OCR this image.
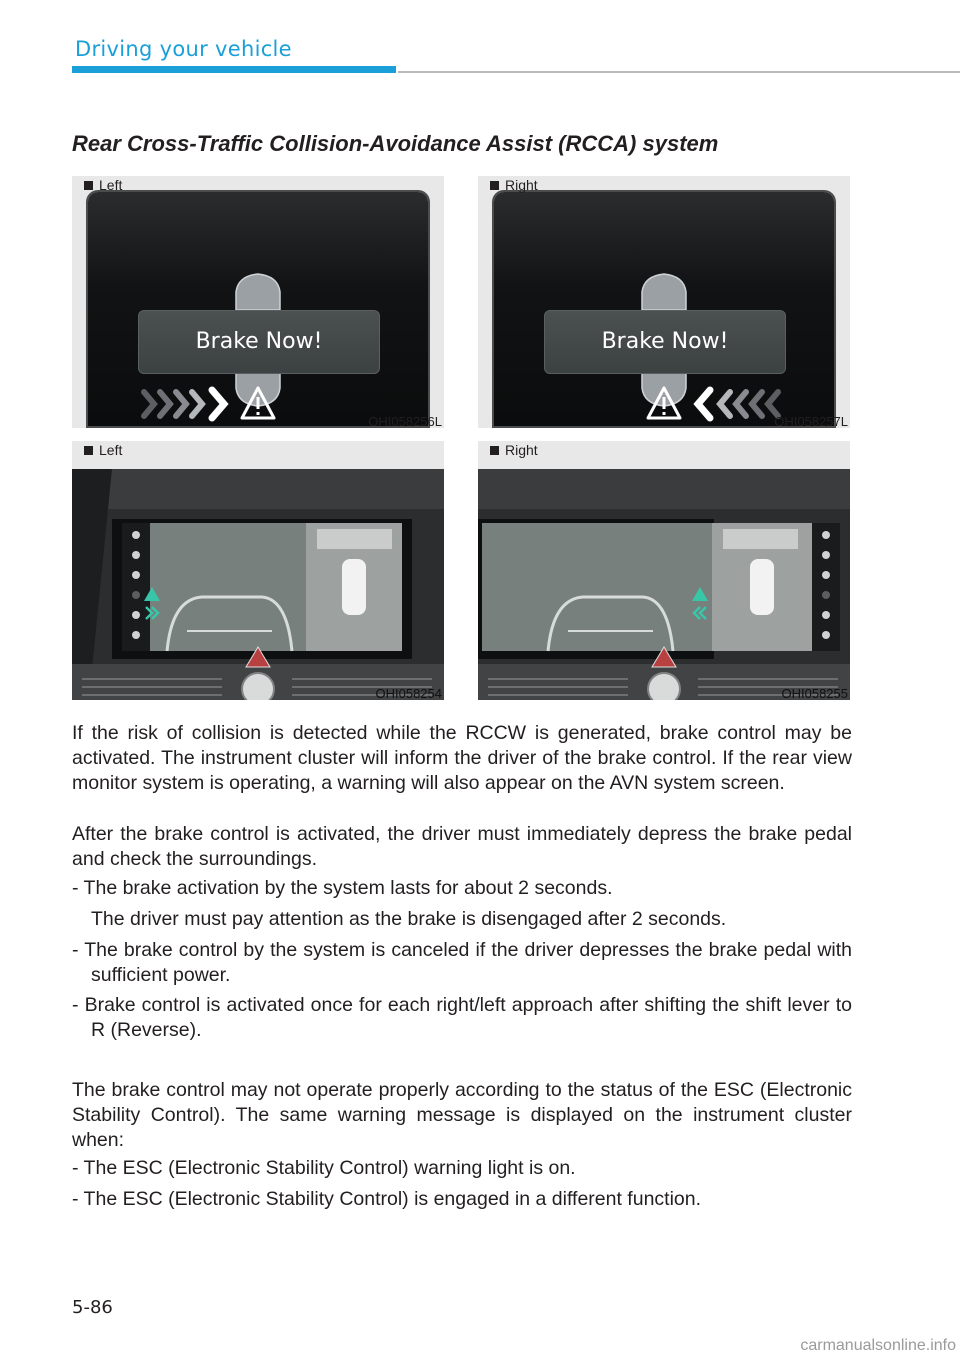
Driving your vehicle
Rear Cross-Traffic Collision-Avoidance Assist (RCCA) system
Left
Brake Now!
OHI058256L
Right
Brake Now!
OHI058257L
Left
OHI058254
Right
OHI058255

If the risk of collision is detected while the RCCW is generated, brake control may be activated. The instrument cluster will inform the driver of the brake control. If the rear view monitor system is operating, a warning will also appear on the AVN system screen.

After the brake control is activated, the driver must immediately depress the brake pedal and check the surroundings.

- The brake activation by the system lasts for about 2 seconds.

The driver must pay attention as the brake is disengaged after 2 seconds.

- The brake control by the system is canceled if the driver depresses the brake pedal with sufficient power.

- Brake control is activated once for each right/left approach after shifting the shift lever to R (Reverse).

The brake control may not operate properly according to the status of the ESC (Electronic Stability Control). The same warning message is displayed on the instrument cluster when:

- The ESC (Electronic Stability Control) warning light is on.

- The ESC (Electronic Stability Control) is engaged in a different function.

5-86
carmanualsonline.info
